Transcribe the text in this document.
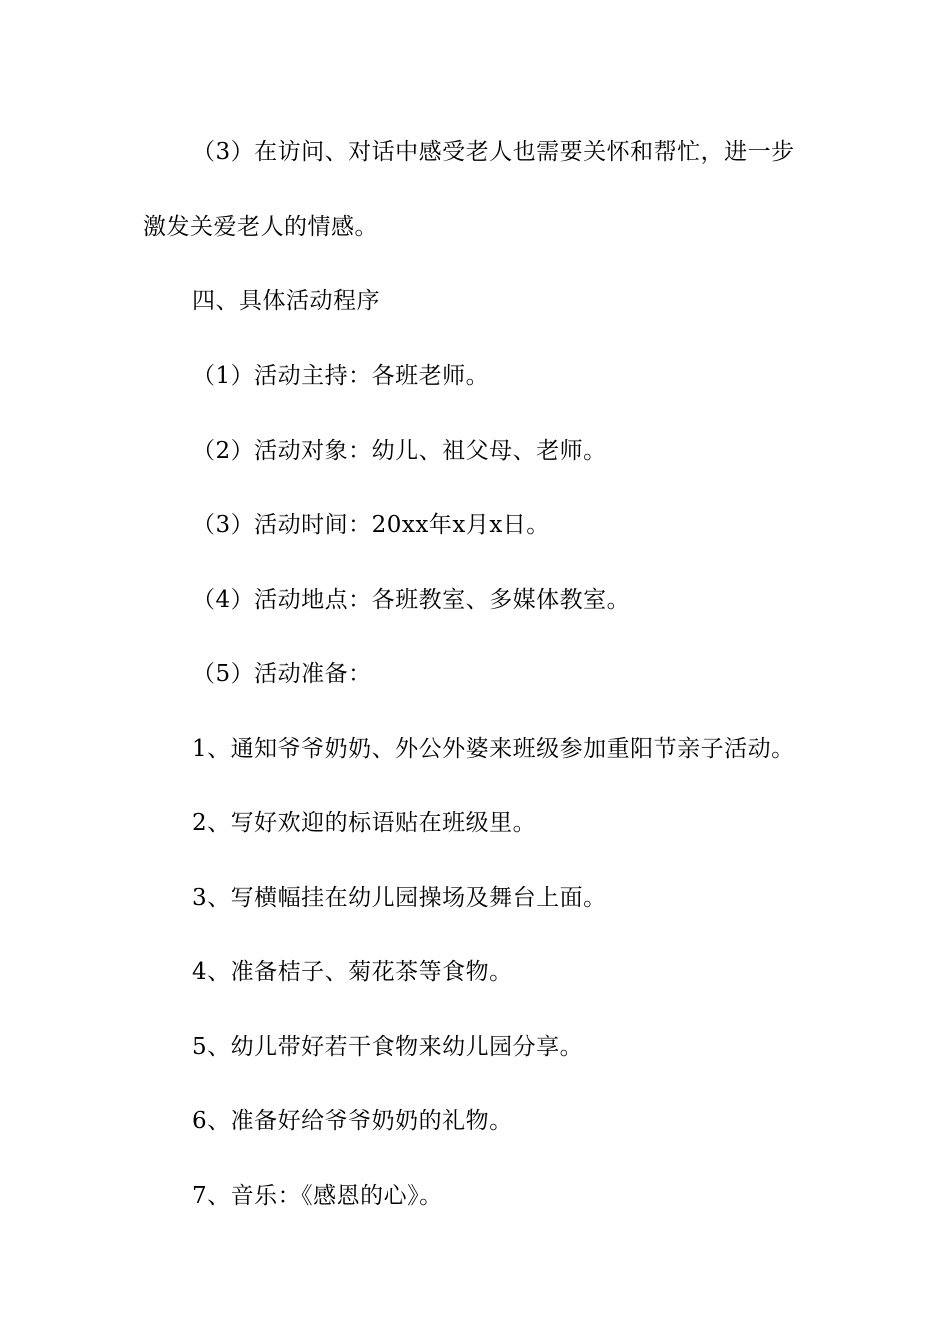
（3）在访问、对话中感受老人也需要关怀和帮忙，进一步
激发关爱老人的情感。
四、具体活动程序
（1）活动主持：各班老师。
（2）活动对象：幼儿、祖父母、老师。
（3）活动时间：20xx年x月x日。
（4）活动地点：各班教室、多媒体教室。
（5）活动准备：
1、通知爷爷奶奶、外公外婆来班级参加重阳节亲子活动。
2、写好欢迎的标语贴在班级里。
3、写横幅挂在幼儿园操场及舞台上面。
4、准备桔子、菊花茶等食物。
5、幼儿带好若干食物来幼儿园分享。
6、准备好给爷爷奶奶的礼物。
7、音乐：《感恩的心》。
